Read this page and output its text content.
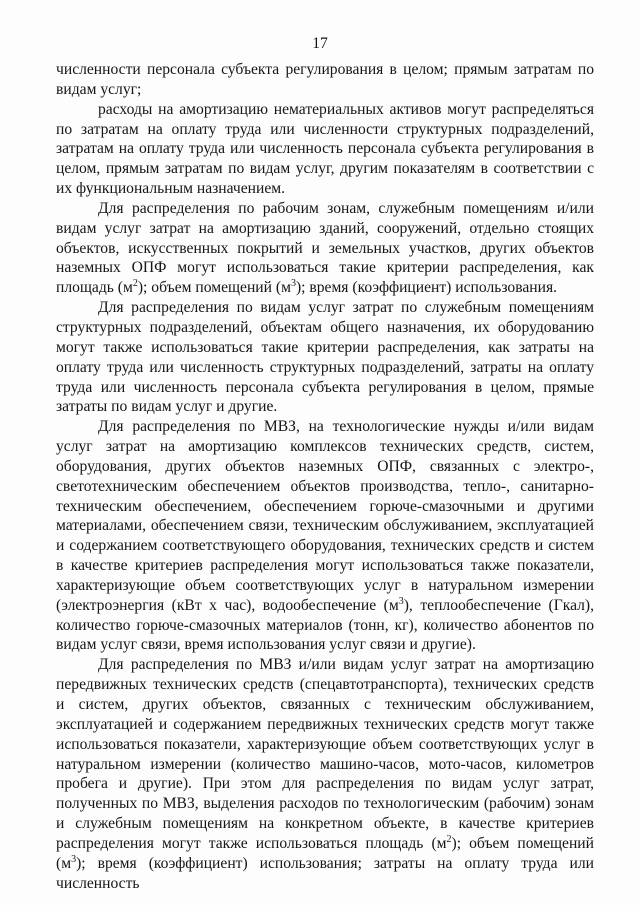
17

численности персонала субъекта регулирования в целом; прямым затратам по видам услуг;

расходы на амортизацию нематериальных активов могут распределяться по затратам на оплату труда или численности структурных подразделений, затратам на оплату труда или численность персонала субъекта регулирования в целом, прямым затратам по видам услуг, другим показателям в соответствии с их функциональным назначением.

Для распределения по рабочим зонам, служебным помещениям и/или видам услуг затрат на амортизацию зданий, сооружений, отдельно стоящих объектов, искусственных покрытий и земельных участков, других объектов наземных ОПФ могут использоваться такие критерии распределения, как площадь $(м^2)$; объем помещений $(м^3)$; время (коэффициент) использования.

Для распределения по видам услуг затрат по служебным помещениям структурных подразделений, объектам общего назначения, их оборудованию могут также использоваться такие критерии распределения, как затраты на оплату труда или численность структурных подразделений, затраты на оплату труда или численность персонала субъекта регулирования в целом, прямые затраты по видам услуг и другие.

Для распределения по МВЗ, на технологические нужды и/или видам услуг затрат на амортизацию комплексов технических средств, систем, оборудования, других объектов наземных ОПФ, связанных с электро-, светотехническим обеспечением объектов производства, тепло-, санитарно-техническим обеспечением, обеспечением горюче-смазочными и другими материалами, обеспечением связи, техническим обслуживанием, эксплуатацией и содержанием соответствующего оборудования, технических средств и систем в качестве критериев распределения могут использоваться также показатели, характеризующие объем соответствующих услуг в натуральном измерении (электроэнергия (кВт х час), водообеспечение $(м^3)$, теплообеспечение (Гкал), количество горюче-смазочных материалов (тонн, кг), количество абонентов по видам услуг связи, время использования услуг связи и другие).

Для распределения по МВЗ и/или видам услуг затрат на амортизацию передвижных технических средств (спецавтотранспорта), технических средств и систем, других объектов, связанных с техническим обслуживанием, эксплуатацией и содержанием передвижных технических средств могут также использоваться показатели, характеризующие объем соответствующих услуг в натуральном измерении (количество машино-часов, мото-часов, километров пробега и другие). При этом для распределения по видам услуг затрат, полученных по МВЗ, выделения расходов по технологическим (рабочим) зонам и служебным помещениям на конкретном объекте, в качестве критериев распределения могут также использоваться площадь $(м^2)$; объем помещений $(м^3)$; время (коэффициент) использования; затраты на оплату труда или численность
